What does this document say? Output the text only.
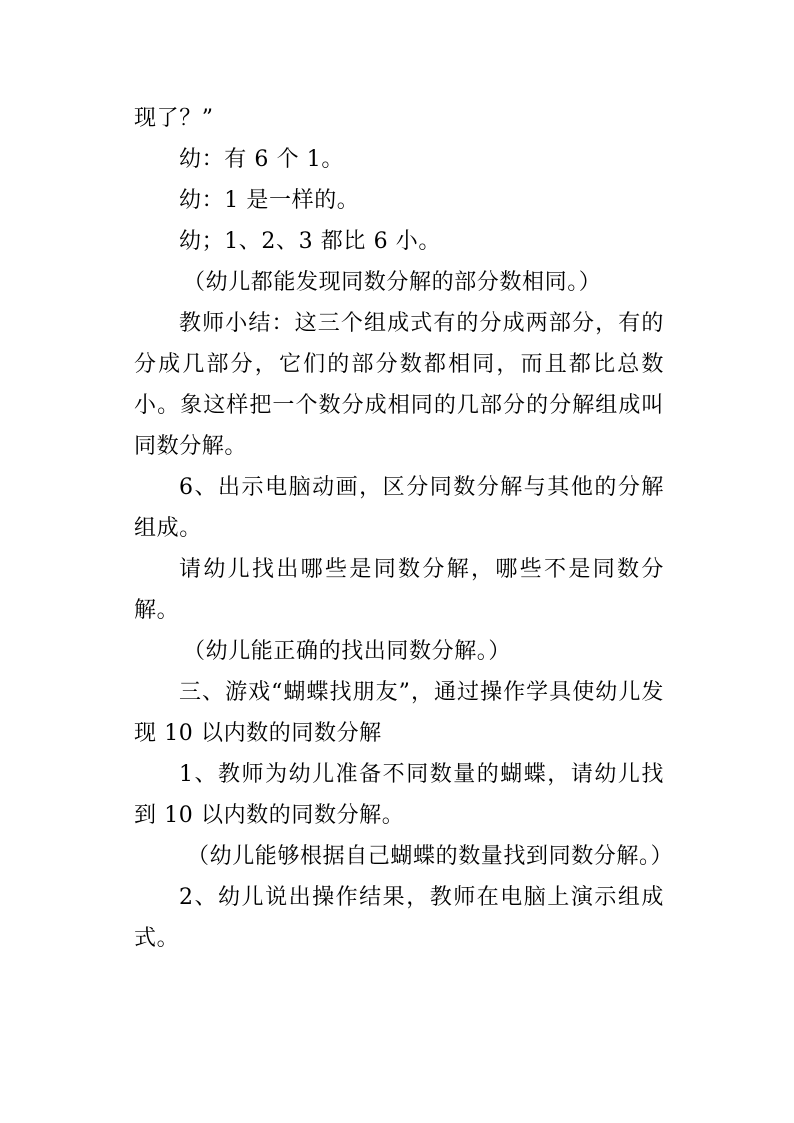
现了？”

幼：有 6 个 1。

幼：1 是一样的。

幼；1、2、3 都比 6 小。

（幼儿都能发现同数分解的部分数相同。）

教师小结：这三个组成式有的分成两部分，有的分成几部分，它们的部分数都相同，而且都比总数小。象这样把一个数分成相同的几部分的分解组成叫同数分解。

6、出示电脑动画，区分同数分解与其他的分解组成。

请幼儿找出哪些是同数分解，哪些不是同数分解。

（幼儿能正确的找出同数分解。）

三、游戏“蝴蝶找朋友”，通过操作学具使幼儿发现 10 以内数的同数分解

1、教师为幼儿准备不同数量的蝴蝶，请幼儿找到 10 以内数的同数分解。

（幼儿能够根据自己蝴蝶的数量找到同数分解。）

2、幼儿说出操作结果，教师在电脑上演示组成式。
